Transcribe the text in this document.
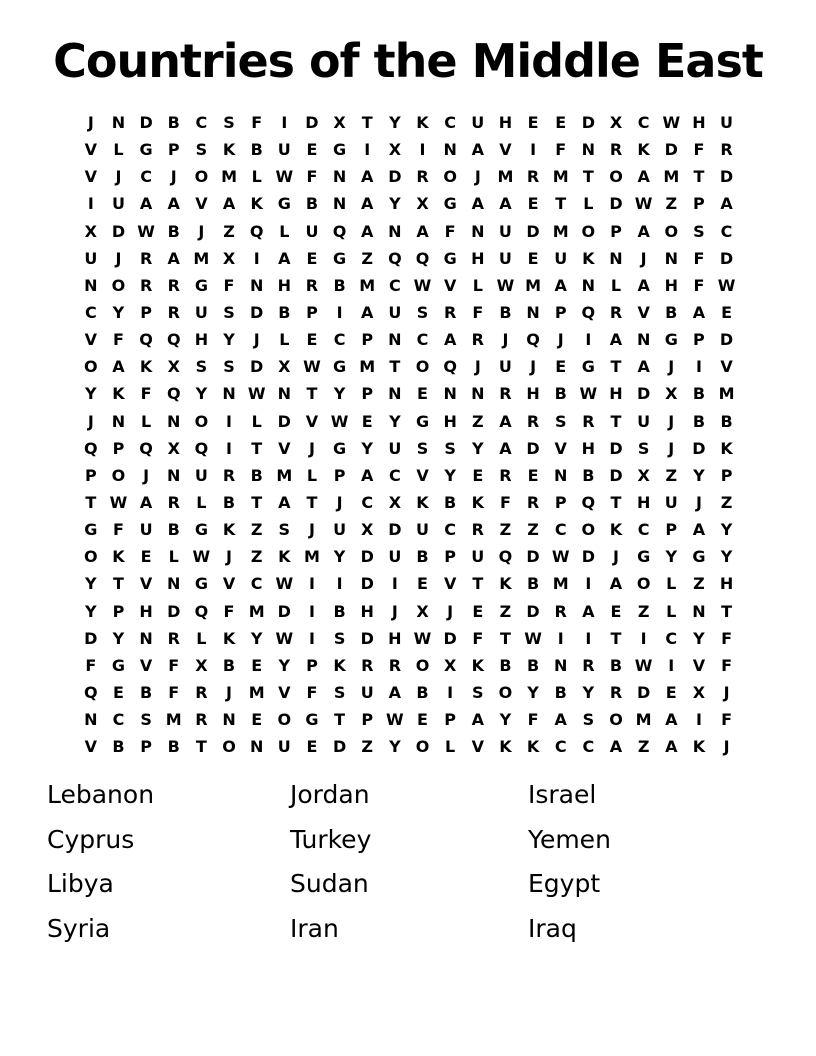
Countries of the Middle East
J	N D B C	S	F	I	D X	T	Y K C U H E	E D X C W H U
V	L G P	S K B U E G	I	X	I	N A V	I	F N R K D F	R
V	J	C	J	O M L W F N A D R O	J	M R M T O A M T D
I	U A A V A K G B N A Y X G A A E	T	L D W Z P A
X D W B	J	Z Q L	U Q A N A F N U D M O P A O S	C
U	J	R A M X	I	A E G Z Q Q G H U E U K N	J	N F D
N O R R G F N H R B M C W V	L W M A N L	A H F W
C Y P R U S D B P	I	A U S R	F	B N P Q R V B A E
V F Q Q H Y	J	L	E	C P N C A R	J	Q	J	I	A N G P D
O A K X S	S D X W G M T O Q	J	U	J	E G T A	J	I	V
Y K F Q Y N W N T	Y P N E N N R H B W H D X B M
J	N L N O	I	L D V W E	Y G H Z A R S R	T U	J	B B
Q P Q X Q	I	T V	J	G Y U S	S	Y A D V H D S	J	D K
P O	J	N U R B M L	P A C V Y	E	R	E N B D X Z	Y P
T W A R	L	B	T A T	J	C X K B K F	R P Q T H U	J	Z
G F U B G K Z	S	J	U X D U C R Z	Z C O K C P A Y
O K E	L W J	Z K M Y D U B P U Q D W D	J	G Y G Y
Y	T V N G V C W I	I	D	I	E V T K B M	I	A O L	Z H
Y P H D Q F M D	I	B H	J	X	J	E	Z D R A E	Z	L N T
D Y N R	L	K Y W I	S D H W D F	T W I	I	T	I	C Y	F
F G V F	X B	E	Y P K R R O X K B B N R B W I	V F
Q E	B	F	R	J	M V F	S U A B	I	S O Y B Y R D E	X	J
N C	S M R N E O G T	P W E	P A Y	F A S O M A	I	F
V B P B	T O N U E D Z	Y O L	V K K C C A Z A K	J
Lebanon	Jordan	Israel
Cyprus	Turkey	Yemen
Libya	Sudan	Egypt
Syria	Iran	Iraq
